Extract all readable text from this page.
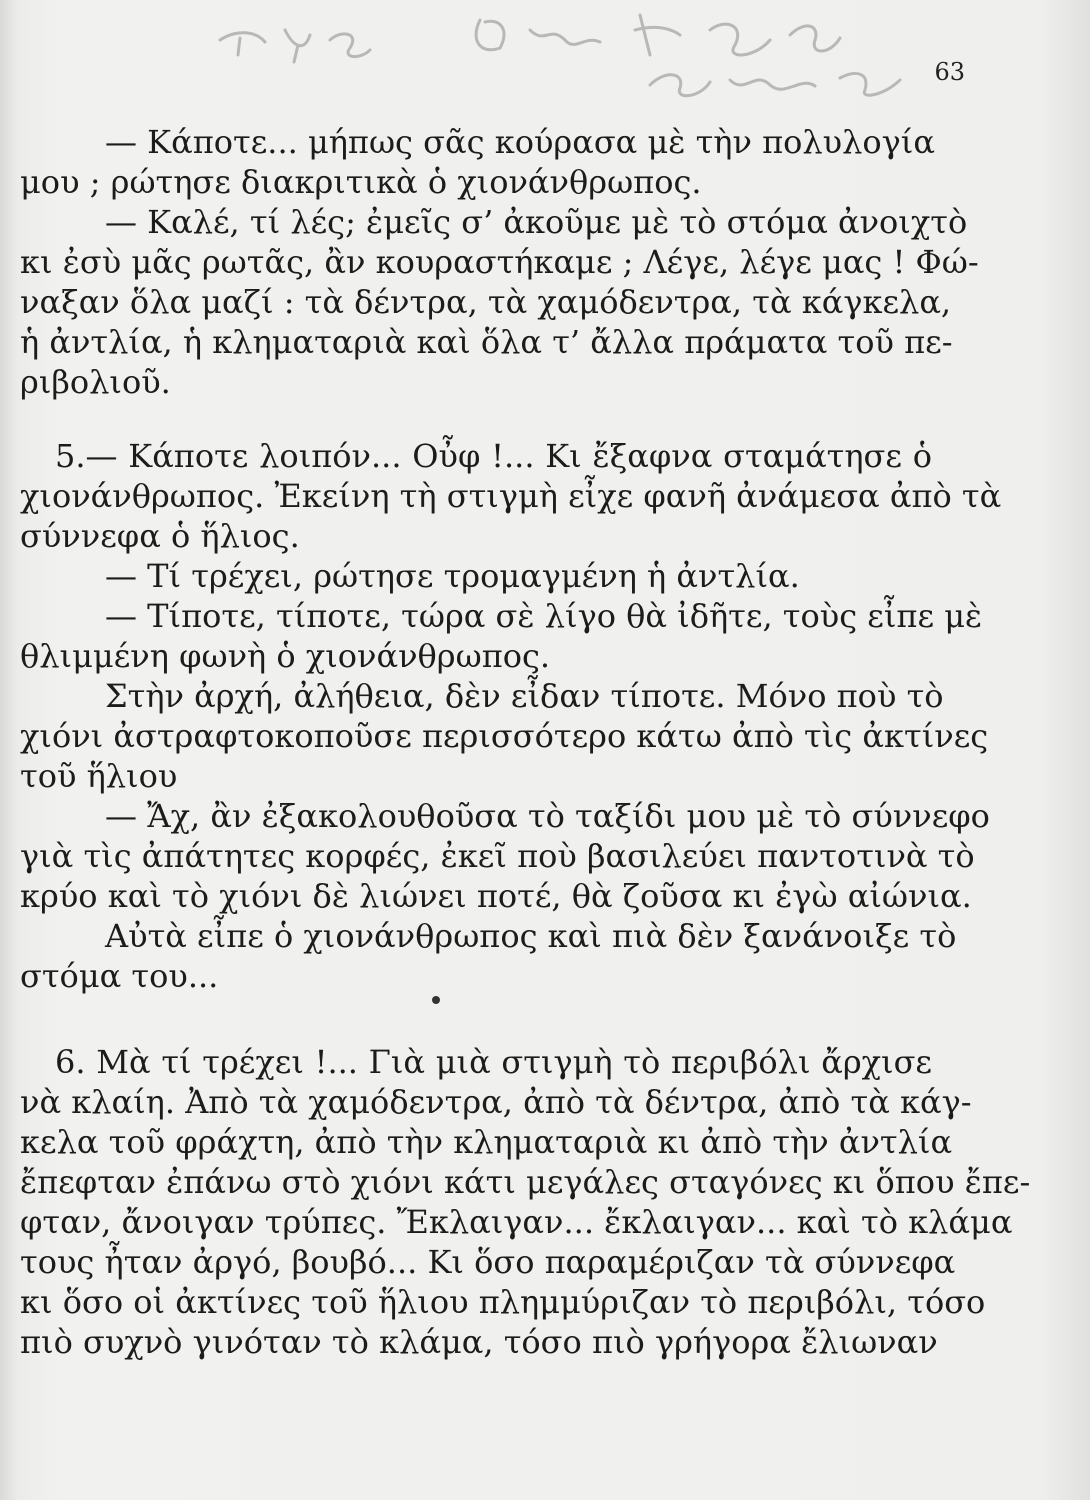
63
— Κάποτε... μήπως σᾶς κούρασα μὲ τὴν πολυλογία
μου ; ρώτησε διακριτικὰ ὁ χιονάνθρωπος.
— Καλέ, τί λές; ἐμεῖς σ’ ἀκοῦμε μὲ τὸ στόμα ἀνοιχτὸ
κι ἐσὺ μᾶς ρωτᾶς, ἂν κουραστήκαμε ; Λέγε, λέγε μας ! Φώ-
ναξαν ὅλα μαζί : τὰ δέντρα, τὰ χαμόδεντρα, τὰ κάγκελα,
ἡ ἀντλία, ἡ κληματαριὰ καὶ ὅλα τ’ ἄλλα πράματα τοῦ πε-
ριβολιοῦ.
5.— Κάποτε λοιπόν... Οὖφ !... Κι ἔξαφνα σταμάτησε ὁ
χιονάνθρωπος. Ἐκείνη τὴ στιγμὴ εἶχε φανῆ ἀνάμεσα ἀπὸ τὰ
σύννεφα ὁ ἥλιος.
— Τί τρέχει, ρώτησε τρομαγμένη ἡ ἀντλία.
— Τίποτε, τίποτε, τώρα σὲ λίγο θὰ ἰδῆτε, τοὺς εἶπε μὲ
θλιμμένη φωνὴ ὁ χιονάνθρωπος.
Στὴν ἀρχή, ἀλήθεια, δὲν εἶδαν τίποτε. Μόνο ποὺ τὸ
χιόνι ἀστραφτοκοποῦσε περισσότερο κάτω ἀπὸ τὶς ἀκτίνες
τοῦ ἥλιου
— Ἄχ, ἂν ἐξακολουθοῦσα τὸ ταξίδι μου μὲ τὸ σύννεφο
γιὰ τὶς ἀπάτητες κορφές, ἐκεῖ ποὺ βασιλεύει παντοτινὰ τὸ
κρύο καὶ τὸ χιόνι δὲ λιώνει ποτέ, θὰ ζοῦσα κι ἐγὼ αἰώνια.
Αὐτὰ εἶπε ὁ χιονάνθρωπος καὶ πιὰ δὲν ξανάνοιξε τὸ
στόμα του...
6. Μὰ τί τρέχει !... Γιὰ μιὰ στιγμὴ τὸ περιβόλι ἄρχισε
νὰ κλαίη. Ἀπὸ τὰ χαμόδεντρα, ἀπὸ τὰ δέντρα, ἀπὸ τὰ κάγ-
κελα τοῦ φράχτη, ἀπὸ τὴν κληματαριὰ κι ἀπὸ τὴν ἀντλία
ἔπεφταν ἐπάνω στὸ χιόνι κάτι μεγάλες σταγόνες κι ὅπου ἔπε-
φταν, ἄνοιγαν τρύπες. Ἔκλαιγαν... ἔκλαιγαν... καὶ τὸ κλάμα
τους ἦταν ἀργό, βουβό... Κι ὅσο παραμέριζαν τὰ σύννεφα
κι ὅσο οἱ ἀκτίνες τοῦ ἥλιου πλημμύριζαν τὸ περιβόλι, τόσο
πιὸ συχνὸ γινόταν τὸ κλάμα, τόσο πιὸ γρήγορα ἔλιωναν
